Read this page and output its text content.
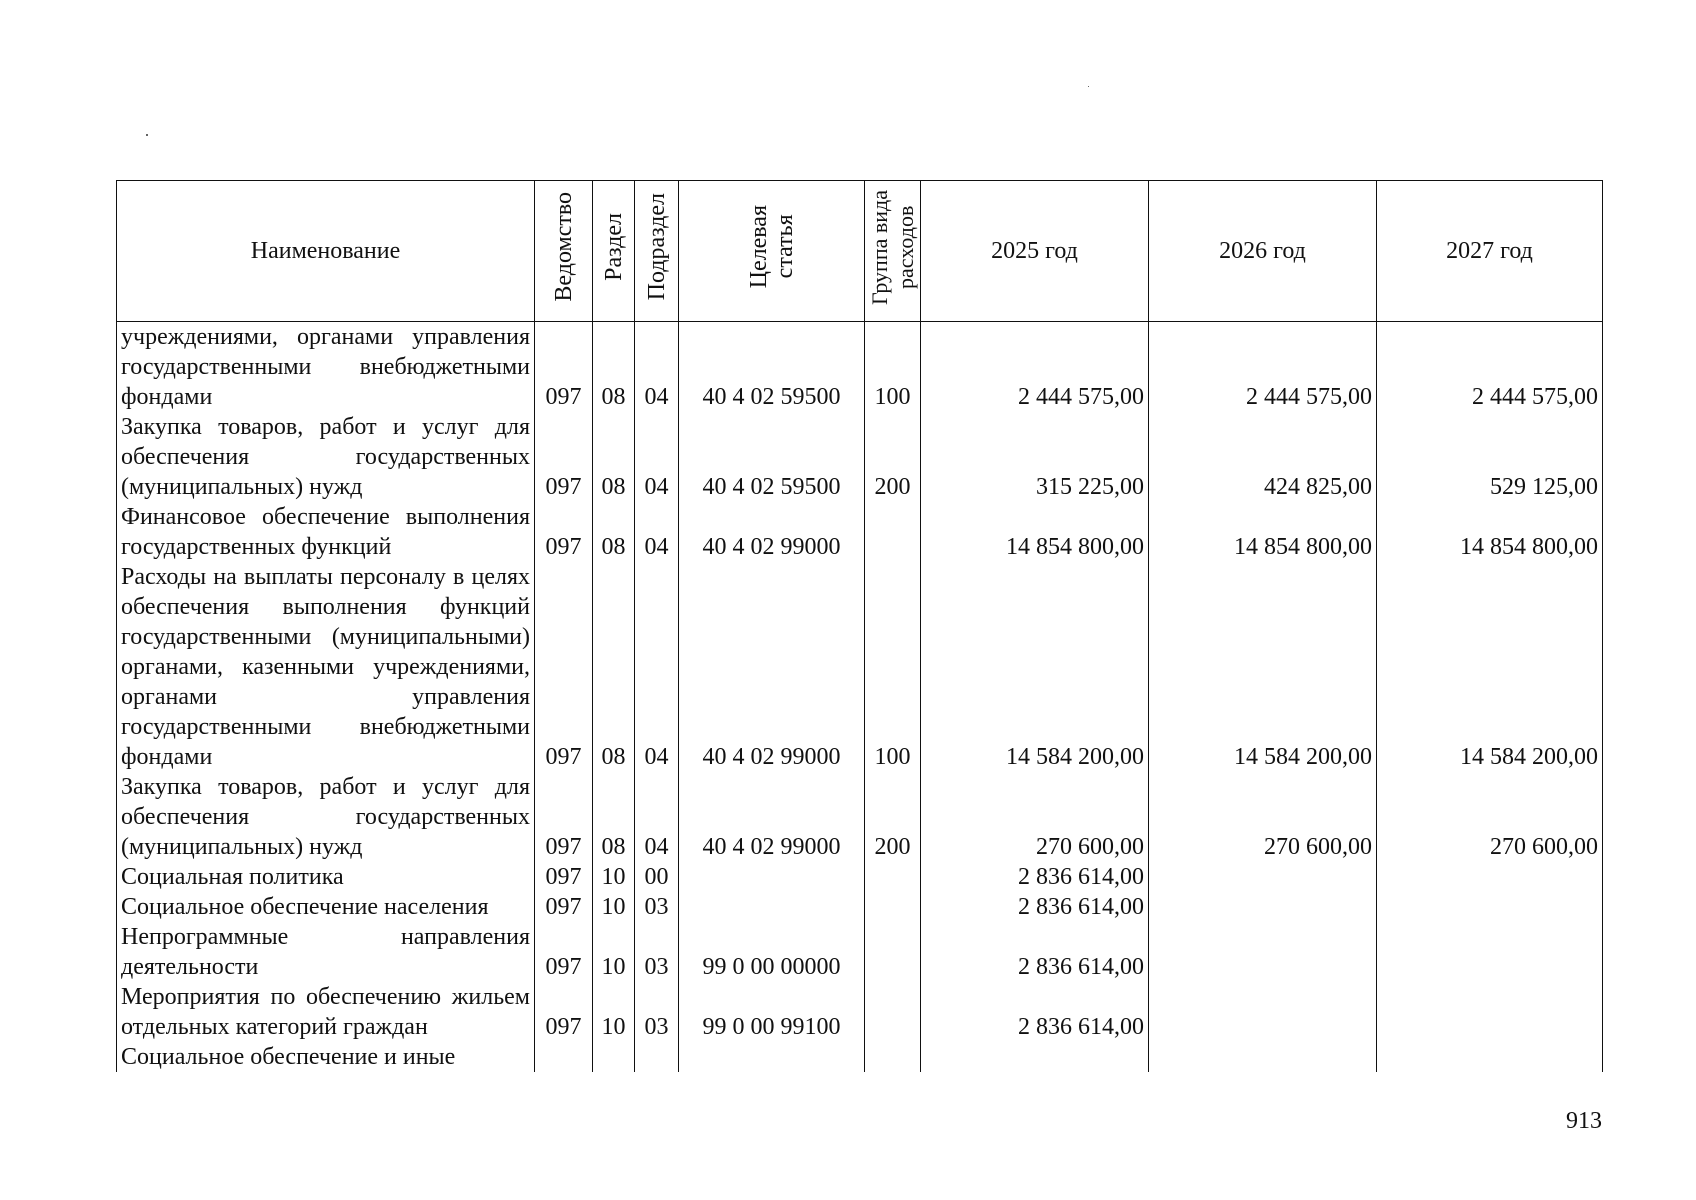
Наименование	Ведомство	Раздел	Подраздел	Целевая
статья	Группа вида
расходов	2025 год	2026 год	2027 год
учреждениями, органами управления государственными внебюджетными фондами	097	08	04	40 4 02 59500	100	2 444 575,00	2 444 575,00	2 444 575,00
Закупка товаров, работ и услуг для обеспечения государственных (муниципальных) нужд	097	08	04	40 4 02 59500	200	315 225,00	424 825,00	529 125,00
Финансовое обеспечение выполнения государственных функций	097	08	04	40 4 02 99000		14 854 800,00	14 854 800,00	14 854 800,00
Расходы на выплаты персоналу в целях обеспечения выполнения функций государственными (муниципальными) органами, казенными учреждениями, органами управления государственными внебюджетными фондами	097	08	04	40 4 02 99000	100	14 584 200,00	14 584 200,00	14 584 200,00
Закупка товаров, работ и услуг для обеспечения государственных (муниципальных) нужд	097	08	04	40 4 02 99000	200	270 600,00	270 600,00	270 600,00
Социальная политика	097	10	00			2 836 614,00		
Социальное обеспечение населения	097	10	03			2 836 614,00		
Непрограммные направления деятельности	097	10	03	99 0 00 00000		2 836 614,00		
Мероприятия по обеспечению жильем отдельных категорий граждан	097	10	03	99 0 00 99100		2 836 614,00		
Социальное обеспечение и иные								
913
